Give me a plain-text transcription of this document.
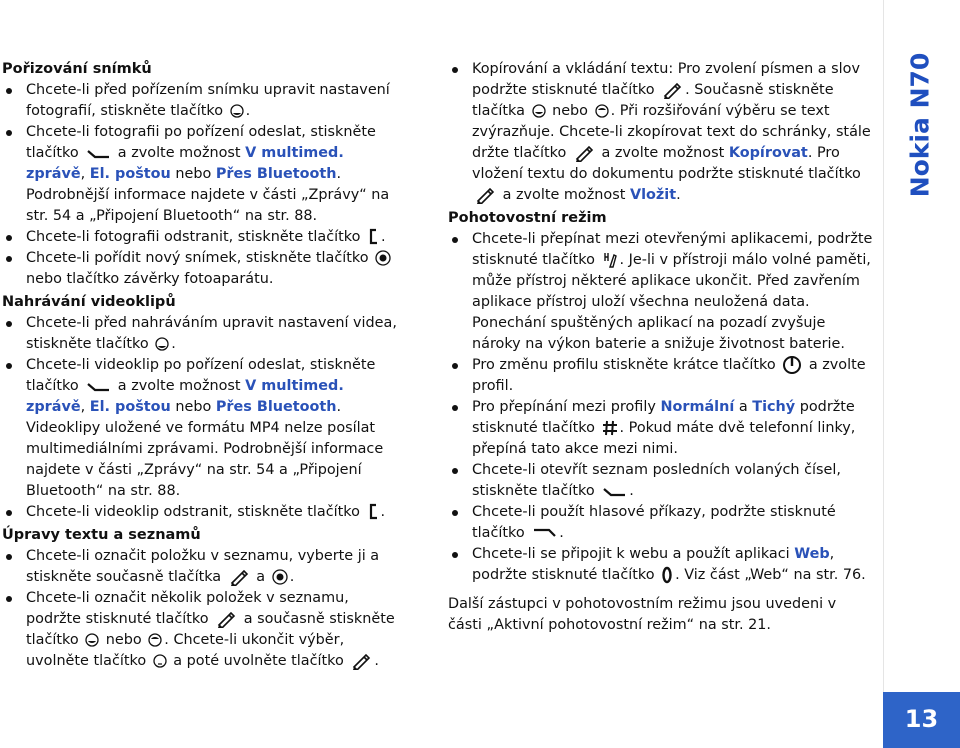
Pořizování snímků
Chcete-li před pořízením snímku upravit nastavení fotografií, stiskněte tlačítko .
Chcete-li fotografii po pořízení odeslat, stiskněte tlačítko	a zvolte možnost V multimed. zprávě, El. poštou nebo Přes Bluetooth. Podrobnější informace najdete v části „Zprávy“ na str. 54 a „Připojení Bluetooth“ na str. 88.
Chcete-li fotografii odstranit, stiskněte tlačítko .
Chcete-li pořídit nový snímek, stiskněte tlačítko  nebo tlačítko závěrky fotoaparátu.
Nahrávání videoklipů
Chcete-li před nahráváním upravit nastavení videa, stiskněte tlačítko .
Chcete-li videoklip po pořízení odeslat, stiskněte tlačítko	a zvolte možnost V multimed. zprávě, El. poštou nebo Přes Bluetooth. Videoklipy uložené ve formátu MP4 nelze posílat multimediálními zprávami. Podrobnější informace najdete v části „Zprávy“ na str. 54 a „Připojení Bluetooth“ na str. 88.
Chcete-li videoklip odstranit, stiskněte tlačítko .
Úpravy textu a seznamů
Chcete-li označit položku v seznamu, vyberte ji a stiskněte současně tlačítka a .
Chcete-li označit několik položek v seznamu, podržte stisknuté tlačítko a současně stiskněte tlačítko nebo . Chcete-li ukončit výběr, uvolněte tlačítko a poté uvolněte tlačítko .
Kopírování a vkládání textu: Pro zvolení písmen a slov podržte stisknuté tlačítko . Současně stiskněte tlačítka nebo . Při rozšiřování výběru se text zvýrazňuje. Chcete-li zkopírovat text do schránky, stále držte tlačítko a zvolte možnost Kopírovat. Pro vložení textu do dokumentu podržte stisknuté tlačítko  a zvolte možnost Vložit.
Pohotovostní režim
Chcete-li přepínat mezi otevřenými aplikacemi, podržte stisknuté tlačítko . Je-li v přístroji málo volné paměti, může přístroj některé aplikace ukončit. Před zavřením aplikace přístroj uloží všechna neuložená data.

Ponechání spuštěných aplikací na pozadí zvyšuje nároky na výkon baterie a snižuje životnost baterie.

Pro změnu profilu stiskněte krátce tlačítko a zvolte profil.
Pro přepínání mezi profily Normální a Tichý podržte stisknuté tlačítko . Pokud máte dvě telefonní linky, přepíná tato akce mezi nimi.
Chcete-li otevřít seznam posledních volaných čísel, stiskněte tlačítko .
Chcete-li použít hlasové příkazy, podržte stisknuté tlačítko .
Chcete-li se připojit k webu a použít aplikaci Web, podržte stisknuté tlačítko . Viz část „Web“ na str. 76.

Další zástupci v pohotovostním režimu jsou uvedeni v části „Aktivní pohotovostní režim“ na str. 21.

Nokia N70
13
